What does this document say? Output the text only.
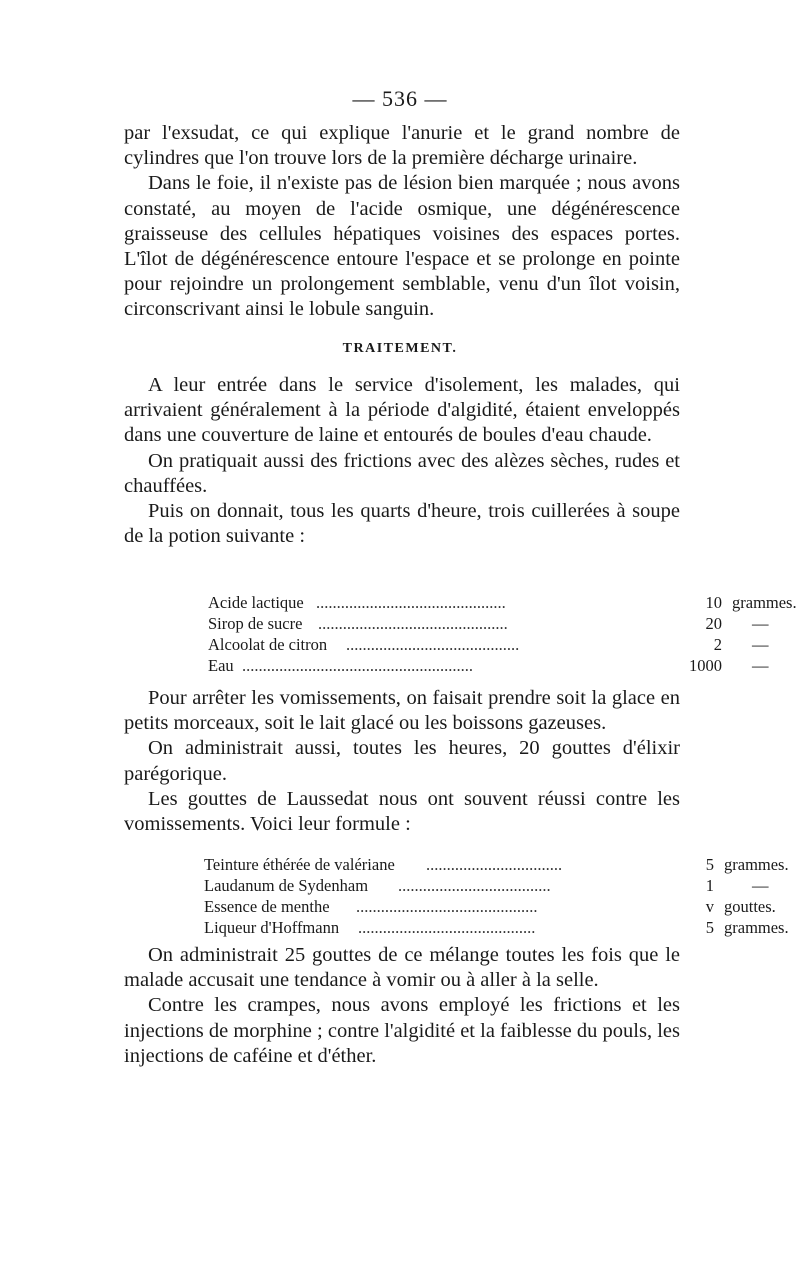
— 536 —

par l'exsudat, ce qui explique l'anurie et le grand nombre de cylindres que l'on trouve lors de la première décharge urinaire.

Dans le foie, il n'existe pas de lésion bien marquée ; nous avons constaté, au moyen de l'acide osmique, une dégénérescence graisseuse des cellules hépatiques voisines des espaces portes. L'îlot de dégénérescence entoure l'espace et se prolonge en pointe pour rejoindre un prolongement semblable, venu d'un îlot voisin, circonscrivant ainsi le lobule sanguin.

TRAITEMENT.

A leur entrée dans le service d'isolement, les malades, qui arrivaient généralement à la période d'algidité, étaient enveloppés dans une couverture de laine et entourés de boules d'eau chaude.

On pratiquait aussi des frictions avec des alèzes sèches, rudes et chauffées.

Puis on donnait, tous les quarts d'heure, trois cuillerées à soupe de la potion suivante :

Acide lactique ..............................................	10 grammes.
Sirop de sucre ..............................................	20 —
Alcoolat de citron ..........................................	2 —
Eau ........................................................	1000 —

Pour arrêter les vomissements, on faisait prendre soit la glace en petits morceaux, soit le lait glacé ou les boissons gazeuses.

On administrait aussi, toutes les heures, 20 gouttes d'élixir parégorique.

Les gouttes de Laussedat nous ont souvent réussi contre les vomissements. Voici leur formule :

Teinture éthérée de valériane .................................	5 grammes.
Laudanum de Sydenham .....................................	1 —
Essence de menthe ............................................	v gouttes.
Liqueur d'Hoffmann ...........................................	5 grammes.

On administrait 25 gouttes de ce mélange toutes les fois que le malade accusait une tendance à vomir ou à aller à la selle.

Contre les crampes, nous avons employé les frictions et les injections de morphine ; contre l'algidité et la faiblesse du pouls, les injections de caféine et d'éther.
